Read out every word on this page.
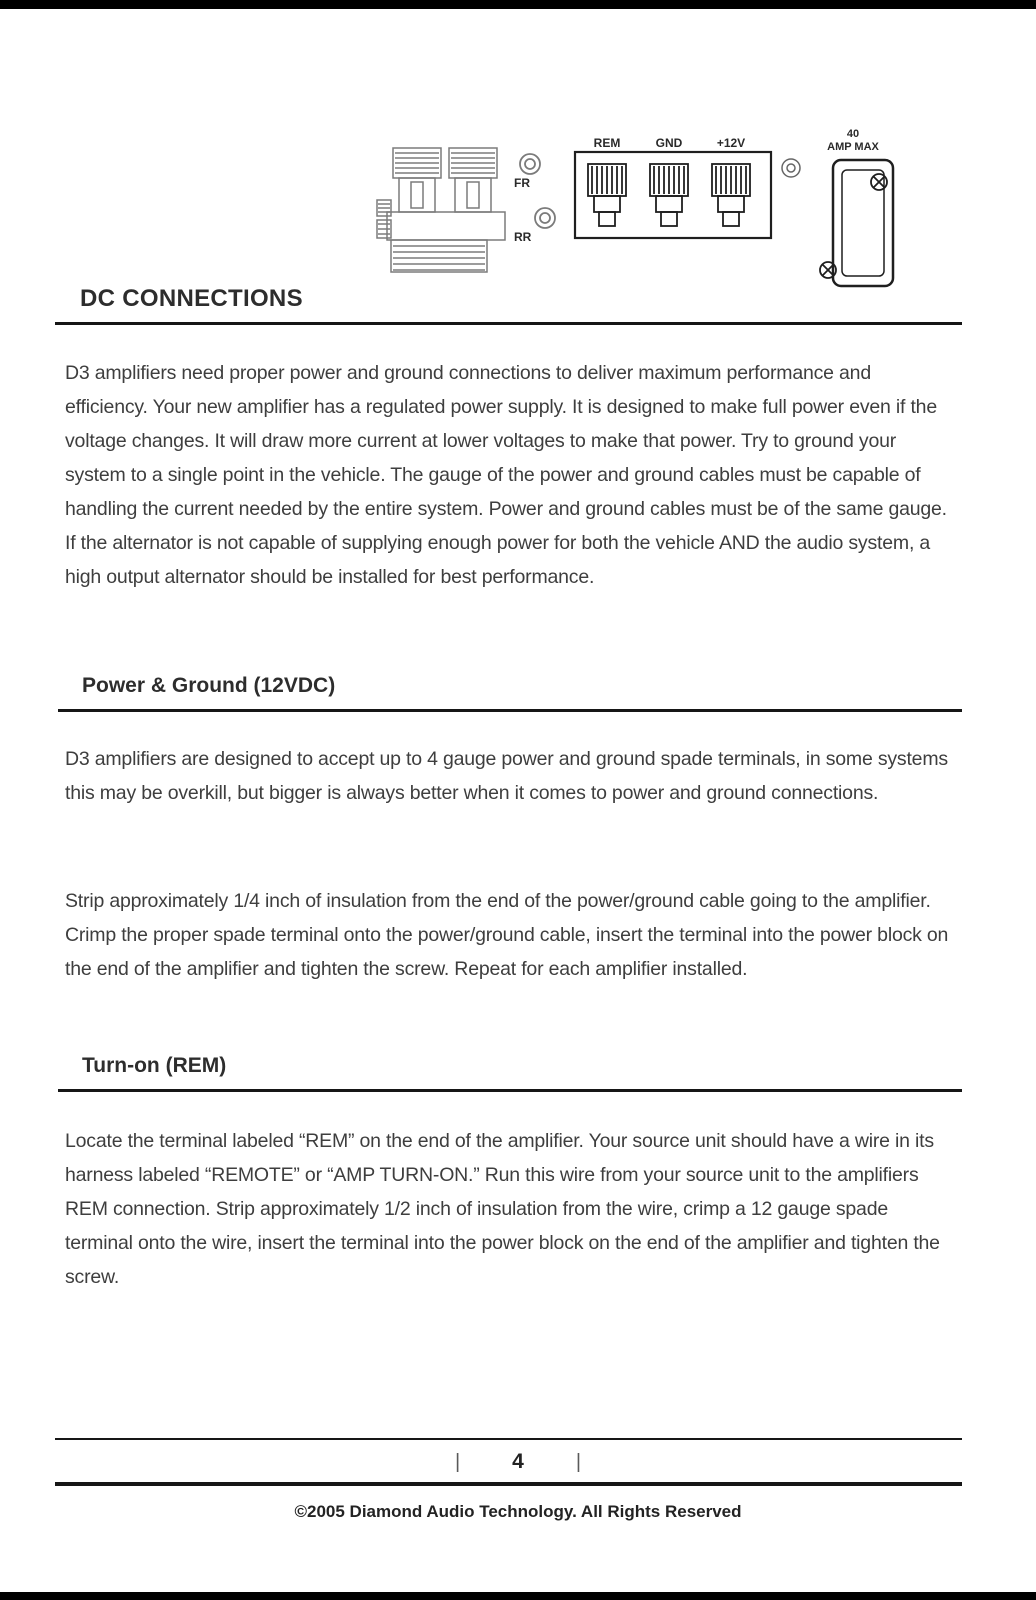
FR
RR
REM	GND	+12V
40
AMP MAX
DC CONNECTIONS

D3 amplifiers need proper power and ground connections to deliver maximum performance and efficiency. Your new amplifier has a regulated power supply. It is designed to make full power even if the voltage changes. It will draw more current at lower voltages to make that power. Try to ground your system to a single point in the vehicle. The gauge of the power and ground cables must be capable of handling the current needed by the entire system. Power and ground cables must be of the same gauge. If the alternator is not capable of supplying enough power for both the vehicle AND the audio system, a high output alternator should be installed for best performance.

Power & Ground (12VDC)

D3 amplifiers are designed to accept up to 4 gauge power and ground spade terminals, in some systems this may be overkill, but bigger is always better when it comes to power and ground connections.

Strip approximately 1/4 inch of insulation from the end of the power/ground cable going to the amplifier. Crimp the proper spade terminal onto the power/ground cable, insert the terminal into the power block on the end of the amplifier and tighten the screw. Repeat for each amplifier installed.

Turn-on (REM)

Locate the terminal labeled “REM” on the end of the amplifier. Your source unit should have a wire in its harness labeled “REMOTE” or “AMP TURN-ON.” Run this wire from your source unit to the amplifiers REM connection. Strip approximately 1/2 inch of insulation from the wire, crimp a 12 gauge spade terminal onto the wire, insert the terminal into the power block on the end of the amplifier and tighten the screw.

| 4	|
©2005 Diamond Audio Technology. All Rights Reserved
